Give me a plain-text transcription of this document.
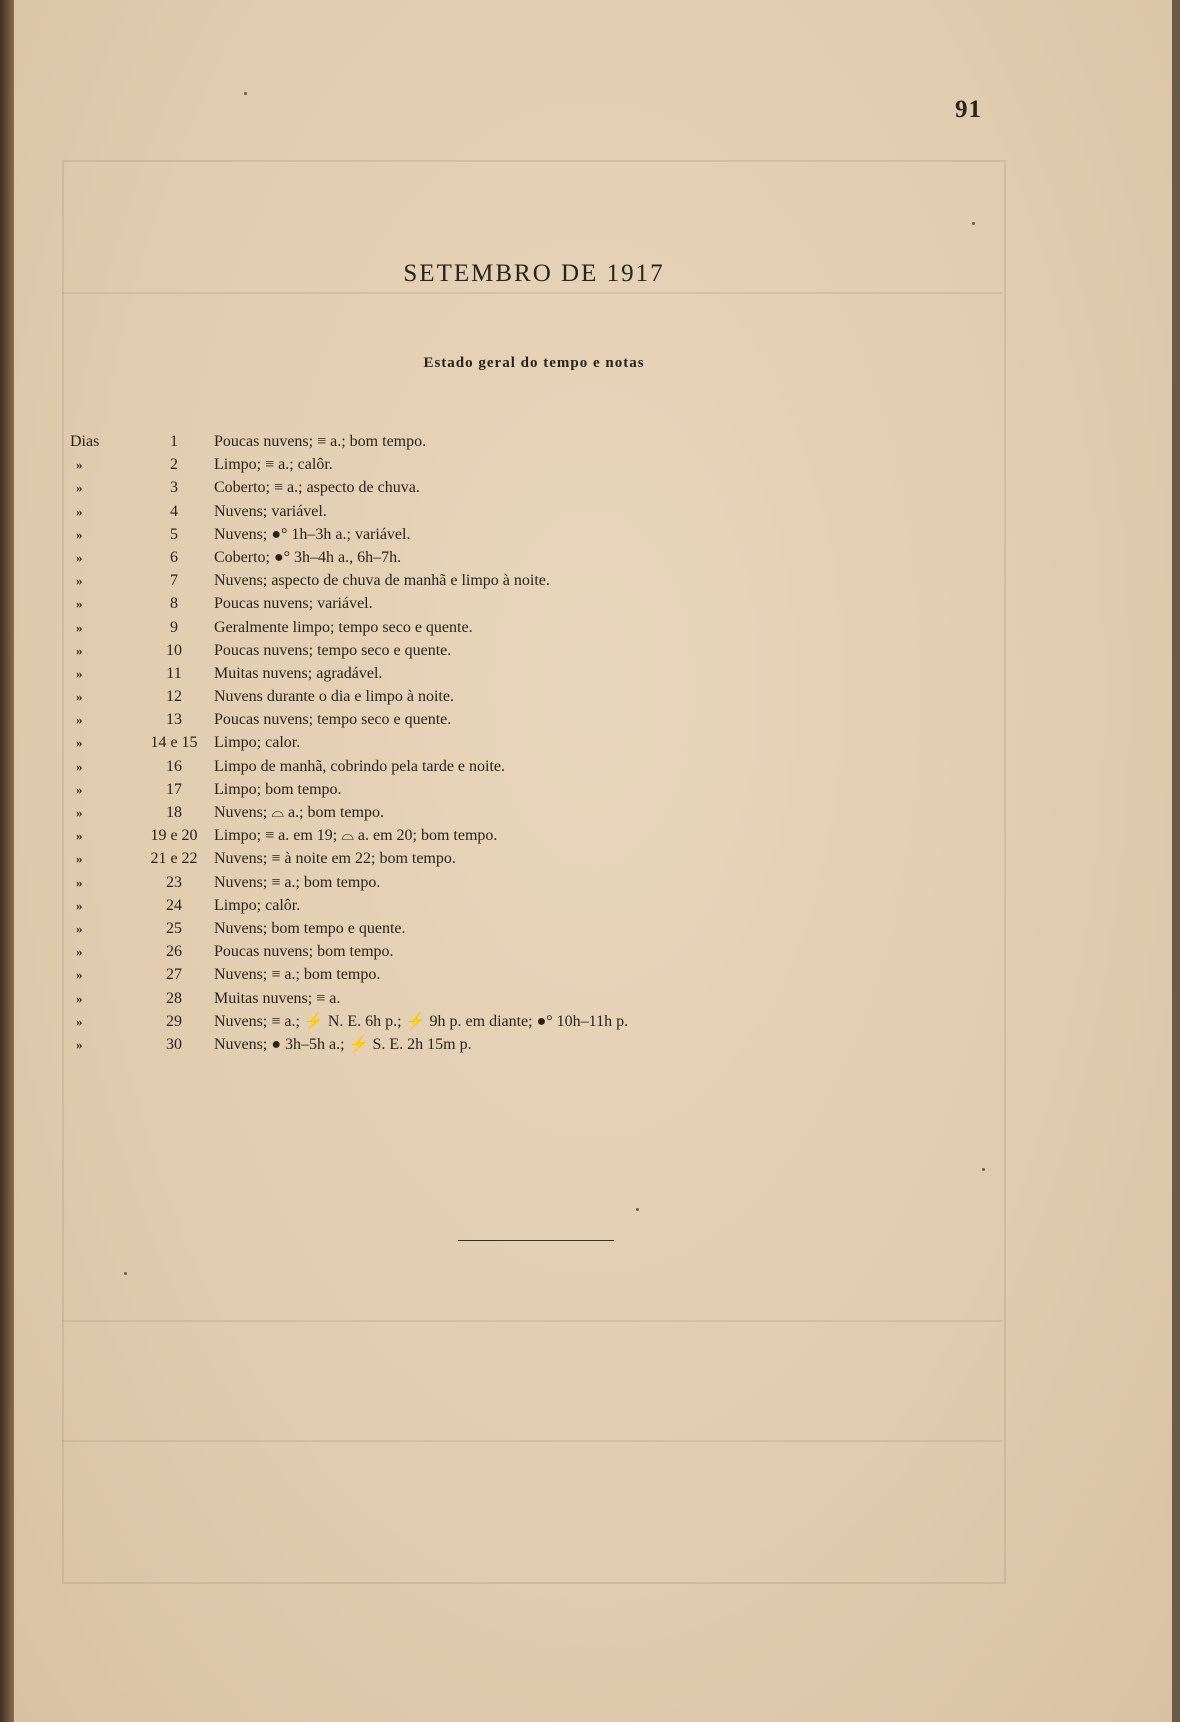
91
SETEMBRO DE 1917
Estado geral do tempo e notas
Dias	1	Poucas nuvens; ≡ a.; bom tempo.
»	2	Limpo; ≡ a.; calôr.
»	3	Coberto; ≡ a.; aspecto de chuva.
»	4	Nuvens; variável.
»	5	Nuvens; ●° 1h–3h a.; variável.
»	6	Coberto; ●° 3h–4h a., 6h–7h.
»	7	Nuvens; aspecto de chuva de manhã e limpo à noite.
»	8	Poucas nuvens; variável.
»	9	Geralmente limpo; tempo seco e quente.
»	10	Poucas nuvens; tempo seco e quente.
»	11	Muitas nuvens; agradável.
»	12	Nuvens durante o dia e limpo à noite.
»	13	Poucas nuvens; tempo seco e quente.
»	14 e 15	Limpo; calor.
»	16	Limpo de manhã, cobrindo pela tarde e noite.
»	17	Limpo; bom tempo.
»	18	Nuvens; ⌓ a.; bom tempo.
»	19 e 20	Limpo; ≡ a. em 19; ⌓ a. em 20; bom tempo.
»	21 e 22	Nuvens; ≡ à noite em 22; bom tempo.
»	23	Nuvens; ≡ a.; bom tempo.
»	24	Limpo; calôr.
»	25	Nuvens; bom tempo e quente.
»	26	Poucas nuvens; bom tempo.
»	27	Nuvens; ≡ a.; bom tempo.
»	28	Muitas nuvens; ≡ a.
»	29	Nuvens; ≡ a.; ⚡ N. E. 6h p.; ⚡ 9h p. em diante; ●° 10h–11h p.
»	30	Nuvens; ● 3h–5h a.; ⚡ S. E. 2h 15m p.
